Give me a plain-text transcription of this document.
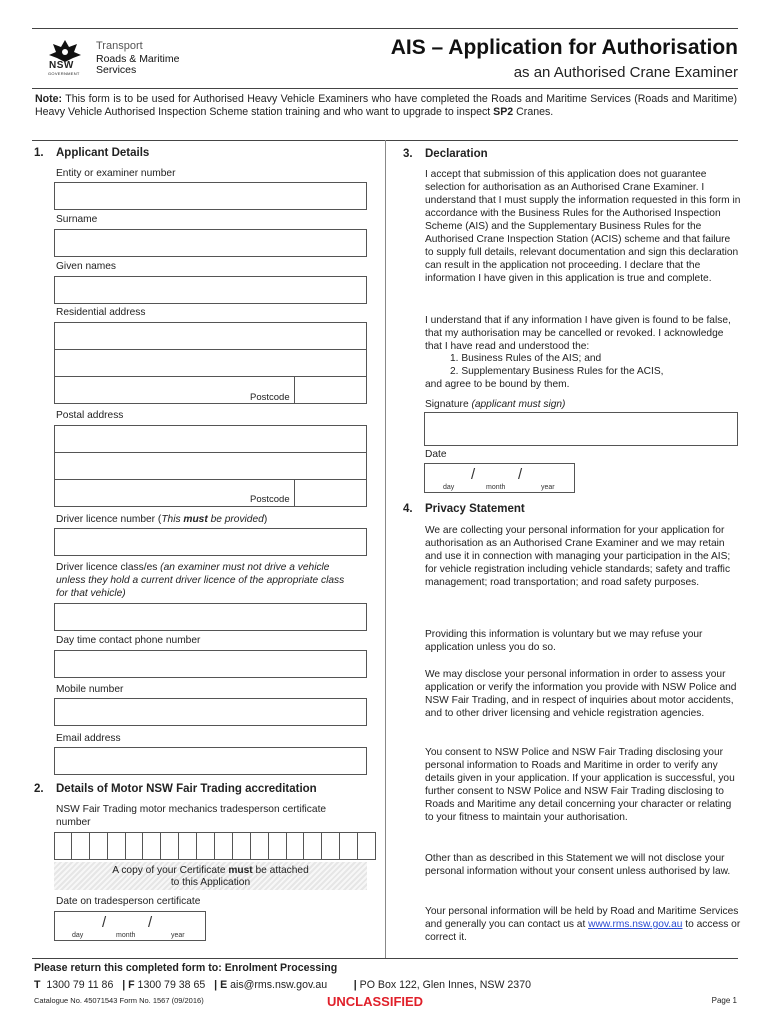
NSW
GOVERNMENT
Transport
Roads & Maritime
Services
AIS – Application for Authorisation
as an Authorised Crane Examiner
Note: This form is to be used for Authorised Heavy Vehicle Examiners who have completed the Roads and Maritime Services (Roads and Maritime) Heavy Vehicle Authorised Inspection Scheme station training and who want to upgrade to inspect SP2 Cranes.
1. Applicant Details
Entity or examiner number
Surname
Given names
Residential address
Postcode
Postal address
Postcode
Driver licence number (This must be provided)
Driver licence class/es (an examiner must not drive a vehicle unless they hold a current driver licence of the appropriate class for that vehicle)
Day time contact phone number
Mobile number
Email address
2. Details of Motor NSW Fair Trading accreditation
NSW Fair Trading motor mechanics tradesperson certificate number
A copy of your Certificate must be attached
to this Application
Date on tradesperson certificate
/	/
day	month	year
3. Declaration
I accept that submission of this application does not guarantee selection for authorisation as an Authorised Crane Examiner. I understand that I must supply the information requested in this form in accordance with the Business Rules for the Authorised Inspection Scheme (AIS) and the Supplementary Business Rules for the Authorised Crane Inspection Station (ACIS) scheme and that failure to supply full details, relevant documentation and sign this declaration can result in the application not proceeding. I declare that the information I have given in this application is true and complete.
I understand that if any information I have given is found to be false, that my authorisation may be cancelled or revoked. I acknowledge that I have read and understood the:
1. Business Rules of the AIS; and
2. Supplementary Business Rules for the ACIS,
and agree to be bound by them.
Signature (applicant must sign)
Date
/	/
day	month	year
4. Privacy Statement
We are collecting your personal information for your application for authorisation as an Authorised Crane Examiner and we may retain and use it in connection with managing your participation in the AIS; for vehicle registration including vehicle standards; safety and traffic management; road transportation; and road safety purposes.
Providing this information is voluntary but we may refuse your application unless you do so.
We may disclose your personal information in order to assess your application or verify the information you provide with NSW Police and NSW Fair Trading, and in respect of inquiries about motor accidents, and to other driver licensing and vehicle registration agencies.
You consent to NSW Police and NSW Fair Trading disclosing your personal information to Roads and Maritime in order to verify any details given in your application. If your application is successful, you further consent to NSW Police and NSW Fair Trading disclosing to Roads and Maritime any detail concerning your character or relating to your fitness to maintain your authorisation.
Other than as described in this Statement we will not disclose your personal information without your consent unless authorised by law.
Your personal information will be held by Road and Maritime Services and generally you can contact us at www.rms.nsw.gov.au to access or correct it.
Please return this completed form to: Enrolment Processing
T 1300 79 11 86 | F 1300 79 38 65 | E ais@rms.nsw.gov.au	| PO Box 122, Glen Innes, NSW 2370
Catalogue No. 45071543 Form No. 1567 (09/2016)	UNCLASSIFIED	Page 1
